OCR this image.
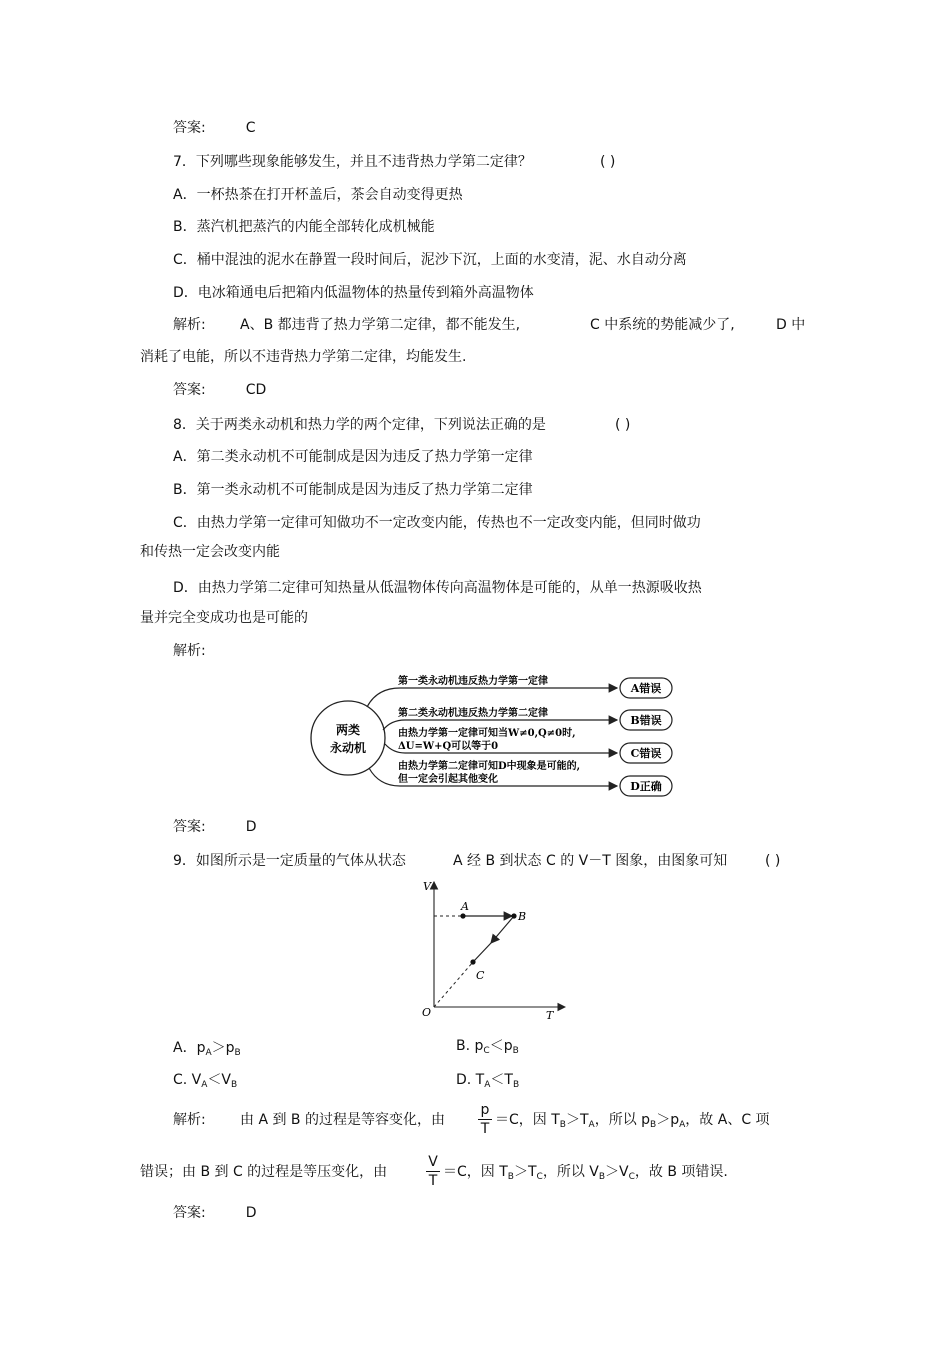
答案:	C
7．下列哪些现象能够发生，并且不违背热力学第二定律？	( )
A．一杯热茶在打开杯盖后，茶会自动变得更热
B．蒸汽机把蒸汽的内能全部转化成机械能
C．桶中混浊的泥水在静置一段时间后，泥沙下沉，上面的水变清，泥、水自动分离
D．电冰箱通电后把箱内低温物体的热量传到箱外高温物体
解析: A、B 都违背了热力学第二定律，都不能发生,	C 中系统的势能减少了,	D 中
消耗了电能，所以不违背热力学第二定律，均能发生.
答案:	CD
8．关于两类永动机和热力学的两个定律，下列说法正确的是	( )
A．第二类永动机不可能制成是因为违反了热力学第一定律
B．第一类永动机不可能制成是因为违反了热力学第二定律
C．由热力学第一定律可知做功不一定改变内能，传热也不一定改变内能，但同时做功
和传热一定会改变内能
D．由热力学第二定律可知热量从低温物体传向高温物体是可能的，从单一热源吸收热
量并完全变成功也是可能的
解析:
两类
永动机
第一类永动机违反热力学第一定律
第二类永动机违反热力学第二定律
由热力学第一定律可知当W≠0,Q≠0时,
ΔU=W+Q可以等于0
由热力学第二定律可知D中现象是可能的,
但一定会引起其他变化
A错误
B错误
C错误
D正确
答案:	D
9．如图所示是一定质量的气体从状态	A 经 B 到状态 C 的 V－T 图象，由图象可知	( )
V
T
O
A
B
C
A．$p_A>p_B$	B. $p_C<p_B$
C. $V_A<V_B$	D. $T_A<T_B$
解析: 由 A 到 B 的过程是等容变化，由
p
T
＝C，因 $T_B>T_A$，所以 $p_B>p_A$，故 A、C 项
错误；由 B 到 C 的过程是等压变化，由
V
T
＝C，因 $T_B>T_C$，所以 $V_B>V_C$，故 B 项错误.
答案:	D
